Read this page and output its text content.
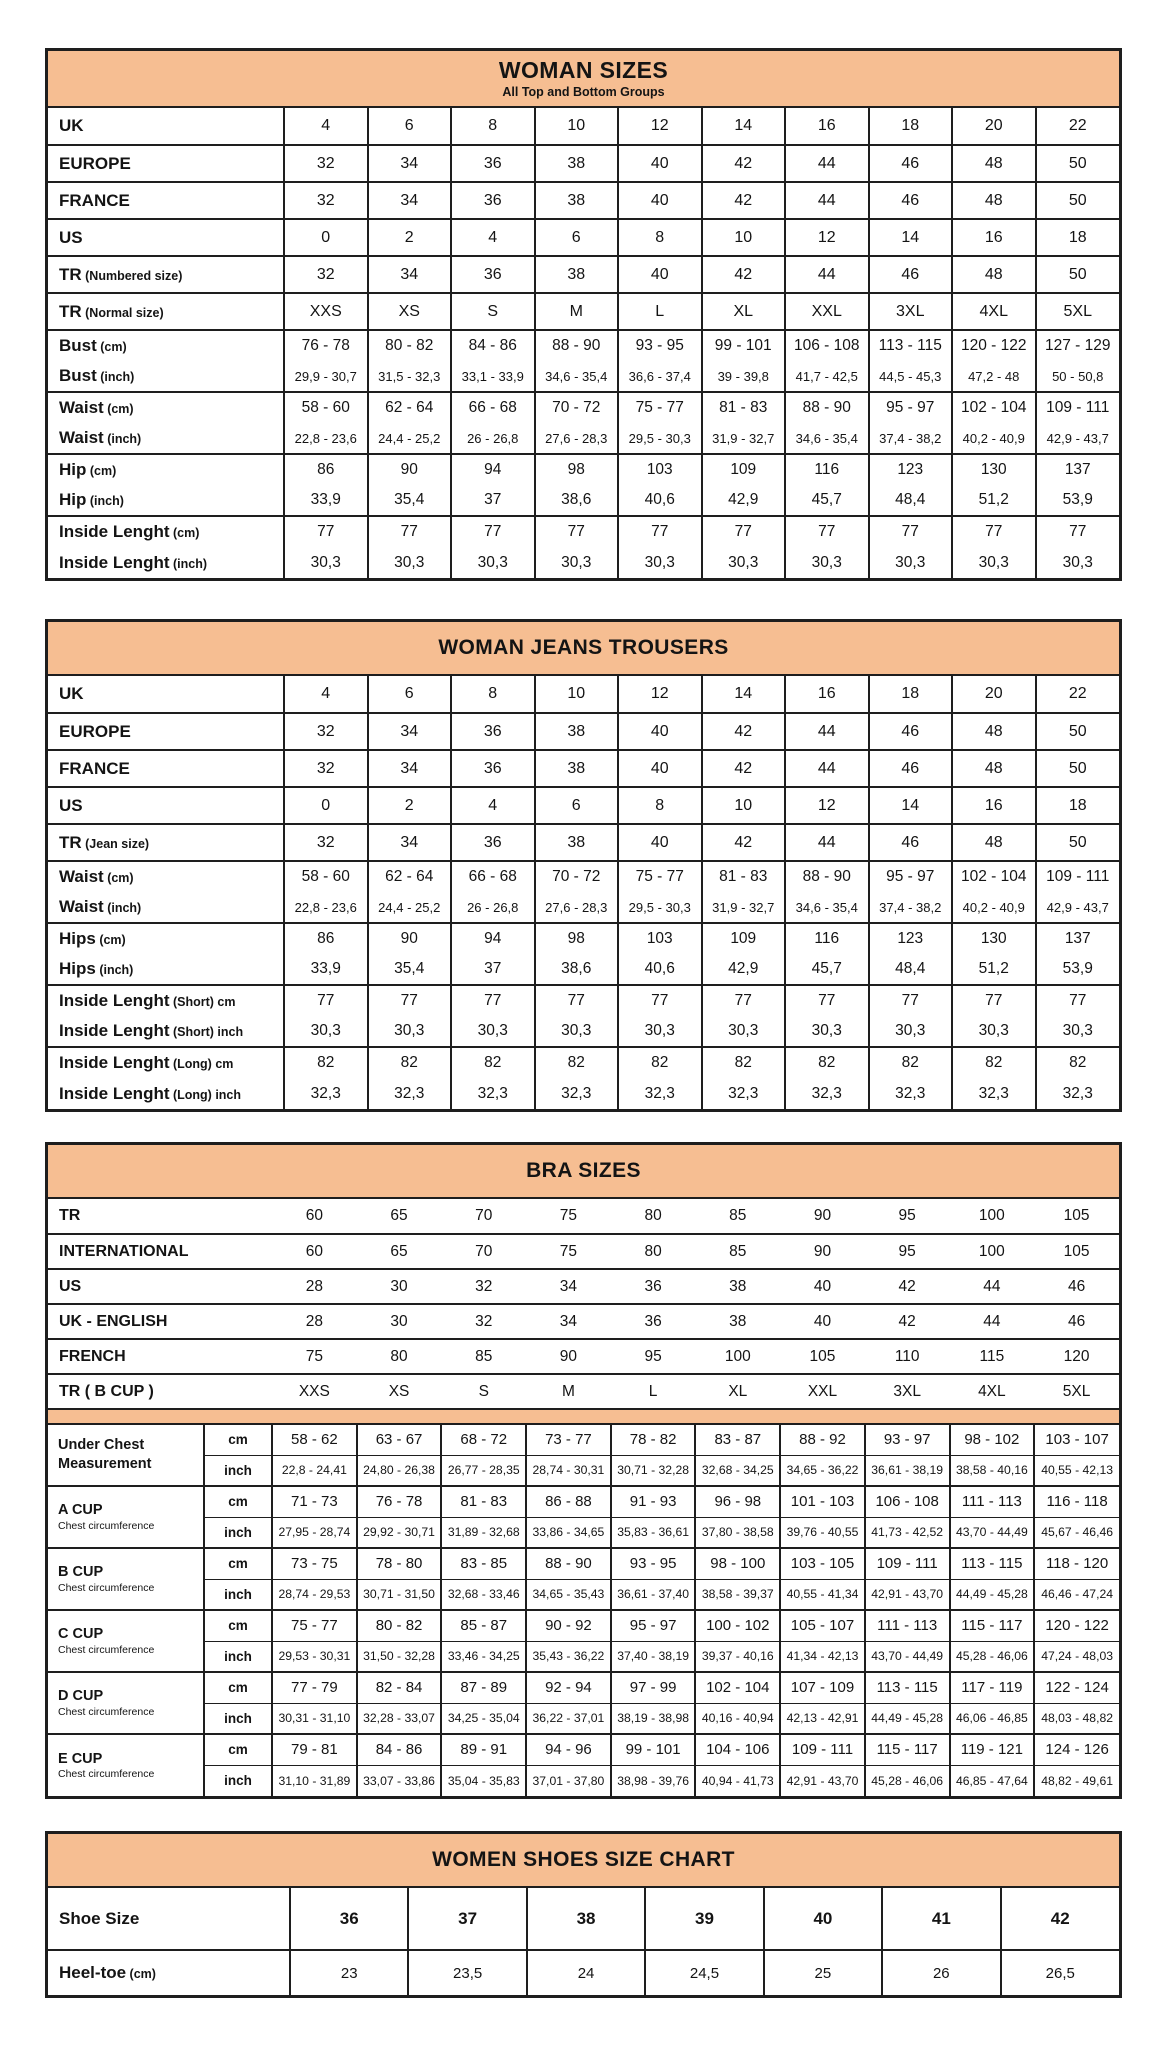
WOMAN SIZES
All Top and Bottom Groups
UK	4	6	8	10	12	14	16	18	20	22
EUROPE	32	34	36	38	40	42	44	46	48	50
FRANCE	32	34	36	38	40	42	44	46	48	50
US	0	2	4	6	8	10	12	14	16	18
TR (Numbered size)	32	34	36	38	40	42	44	46	48	50
TR (Normal size)	XXS	XS	S	M	L	XL	XXL	3XL	4XL	5XL
Bust (cm)	76 - 78	80 - 82	84 - 86	88 - 90	93 - 95	99 - 101	106 - 108	113 - 115	120 - 122	127 - 129
Bust (inch)	29,9 - 30,7	31,5 - 32,3	33,1 - 33,9	34,6 - 35,4	36,6 - 37,4	39 - 39,8	41,7 - 42,5	44,5 - 45,3	47,2 - 48	50 - 50,8
Waist (cm)	58 - 60	62 - 64	66 - 68	70 - 72	75 - 77	81 - 83	88 - 90	95 - 97	102 - 104	109 - 111
Waist (inch)	22,8 - 23,6	24,4 - 25,2	26 - 26,8	27,6 - 28,3	29,5 - 30,3	31,9 - 32,7	34,6 - 35,4	37,4 - 38,2	40,2 - 40,9	42,9 - 43,7
Hip (cm)	86	90	94	98	103	109	116	123	130	137
Hip (inch)	33,9	35,4	37	38,6	40,6	42,9	45,7	48,4	51,2	53,9
Inside Lenght (cm)	77	77	77	77	77	77	77	77	77	77
Inside Lenght (inch)	30,3	30,3	30,3	30,3	30,3	30,3	30,3	30,3	30,3	30,3
WOMAN JEANS TROUSERS
UK	4	6	8	10	12	14	16	18	20	22
EUROPE	32	34	36	38	40	42	44	46	48	50
FRANCE	32	34	36	38	40	42	44	46	48	50
US	0	2	4	6	8	10	12	14	16	18
TR (Jean size)	32	34	36	38	40	42	44	46	48	50
Waist (cm)	58 - 60	62 - 64	66 - 68	70 - 72	75 - 77	81 - 83	88 - 90	95 - 97	102 - 104	109 - 111
Waist (inch)	22,8 - 23,6	24,4 - 25,2	26 - 26,8	27,6 - 28,3	29,5 - 30,3	31,9 - 32,7	34,6 - 35,4	37,4 - 38,2	40,2 - 40,9	42,9 - 43,7
Hips (cm)	86	90	94	98	103	109	116	123	130	137
Hips (inch)	33,9	35,4	37	38,6	40,6	42,9	45,7	48,4	51,2	53,9
Inside Lenght (Short) cm	77	77	77	77	77	77	77	77	77	77
Inside Lenght (Short) inch	30,3	30,3	30,3	30,3	30,3	30,3	30,3	30,3	30,3	30,3
Inside Lenght (Long) cm	82	82	82	82	82	82	82	82	82	82
Inside Lenght (Long) inch	32,3	32,3	32,3	32,3	32,3	32,3	32,3	32,3	32,3	32,3
BRA SIZES
TR		60	65	70	75	80	85	90	95	100	105
INTERNATIONAL		60	65	70	75	80	85	90	95	100	105
US		28	30	32	34	36	38	40	42	44	46
UK - ENGLISH		28	30	32	34	36	38	40	42	44	46
FRENCH		75	80	85	90	95	100	105	110	115	120
TR ( B CUP )		XXS	XS	S	M	L	XL	XXL	3XL	4XL	5XL

Under Chest
Measurement	cm	58 - 62	63 - 67	68 - 72	73 - 77	78 - 82	83 - 87	88 - 92	93 - 97	98 - 102	103 - 107
	inch	22,8 - 24,41	24,80 - 26,38	26,77 - 28,35	28,74 - 30,31	30,71 - 32,28	32,68 - 34,25	34,65 - 36,22	36,61 - 38,19	38,58 - 40,16	40,55 - 42,13

A CUP
Chest circumference	cm	71 - 73	76 - 78	81 - 83	86 - 88	91 - 93	96 - 98	101 - 103	106 - 108	111 - 113	116 - 118
	inch	27,95 - 28,74	29,92 - 30,71	31,89 - 32,68	33,86 - 34,65	35,83 - 36,61	37,80 - 38,58	39,76 - 40,55	41,73 - 42,52	43,70 - 44,49	45,67 - 46,46

B CUP
Chest circumference	cm	73 - 75	78 - 80	83 - 85	88 - 90	93 - 95	98 - 100	103 - 105	109 - 111	113 - 115	118 - 120
	inch	28,74 - 29,53	30,71 - 31,50	32,68 - 33,46	34,65 - 35,43	36,61 - 37,40	38,58 - 39,37	40,55 - 41,34	42,91 - 43,70	44,49 - 45,28	46,46 - 47,24

C CUP
Chest circumference	cm	75 - 77	80 - 82	85 - 87	90 - 92	95 - 97	100 - 102	105 - 107	111 - 113	115 - 117	120 - 122
	inch	29,53 - 30,31	31,50 - 32,28	33,46 - 34,25	35,43 - 36,22	37,40 - 38,19	39,37 - 40,16	41,34 - 42,13	43,70 - 44,49	45,28 - 46,06	47,24 - 48,03

D CUP
Chest circumference	cm	77 - 79	82 - 84	87 - 89	92 - 94	97 - 99	102 - 104	107 - 109	113 - 115	117 - 119	122 - 124
	inch	30,31 - 31,10	32,28 - 33,07	34,25 - 35,04	36,22 - 37,01	38,19 - 38,98	40,16 - 40,94	42,13 - 42,91	44,49 - 45,28	46,06 - 46,85	48,03 - 48,82

E CUP
Chest circumference	cm	79 - 81	84 - 86	89 - 91	94 - 96	99 - 101	104 - 106	109 - 111	115 - 117	119 - 121	124 - 126
	inch	31,10 - 31,89	33,07 - 33,86	35,04 - 35,83	37,01 - 37,80	38,98 - 39,76	40,94 - 41,73	42,91 - 43,70	45,28 - 46,06	46,85 - 47,64	48,82 - 49,61
WOMEN SHOES SIZE CHART
Shoe Size	36	37	38	39	40	41	42
Heel-toe (cm)	23	23,5	24	24,5	25	26	26,5
